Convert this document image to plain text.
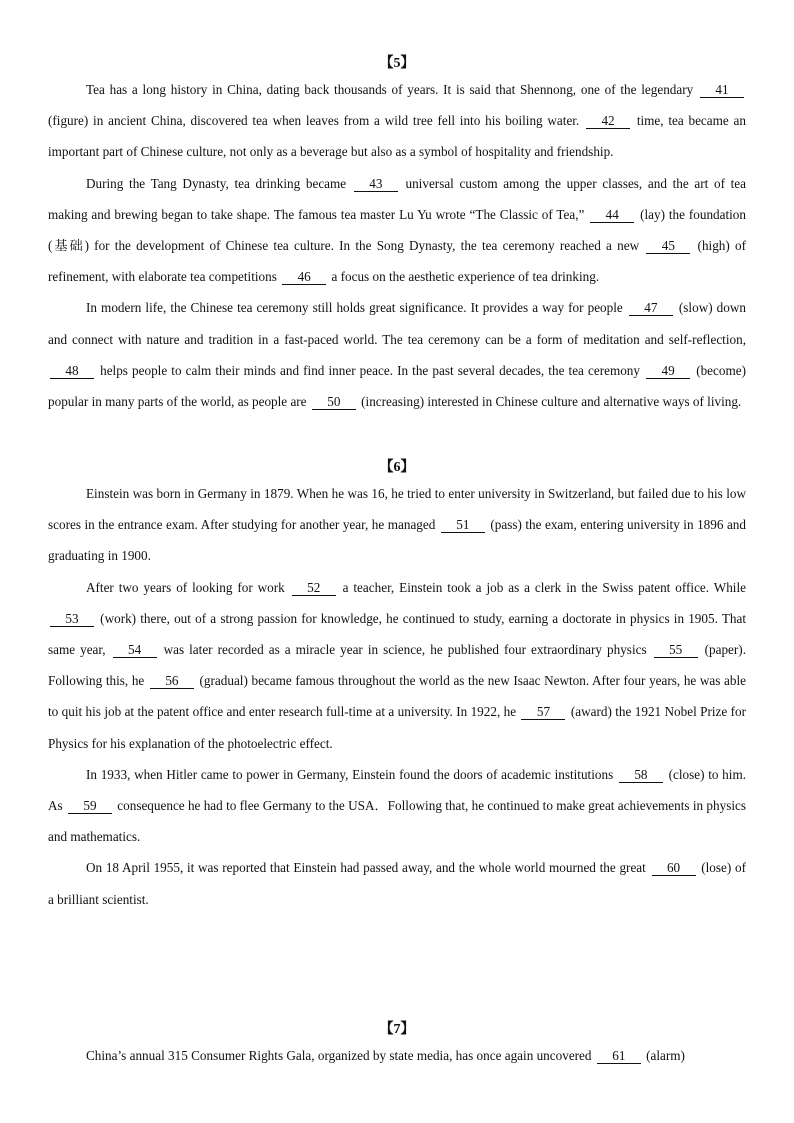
【5】

Tea has a long history in China, dating back thousands of years. It is said that Shennong, one of the legendary 41 (figure) in ancient China, discovered tea when leaves from a wild tree fell into his boiling water. 42 time, tea became an important part of Chinese culture, not only as a beverage but also as a symbol of hospitality and friendship.

During the Tang Dynasty, tea drinking became 43 universal custom among the upper classes, and the art of tea making and brewing began to take shape. The famous tea master Lu Yu wrote “The Classic of Tea,” 44 (lay) the foundation (基础) for the development of Chinese tea culture. In the Song Dynasty, the tea ceremony reached a new 45 (high) of refinement, with elaborate tea competitions 46 a focus on the aesthetic experience of tea drinking.

In modern life, the Chinese tea ceremony still holds great significance. It provides a way for people 47 (slow) down and connect with nature and tradition in a fast-paced world. The tea ceremony can be a form of meditation and self-reflection, 48 helps people to calm their minds and find inner peace. In the past several decades, the tea ceremony 49 (become) popular in many parts of the world, as people are 50 (increasing) interested in Chinese culture and alternative ways of living.

【6】

Einstein was born in Germany in 1879. When he was 16, he tried to enter university in Switzerland, but failed due to his low scores in the entrance exam. After studying for another year, he managed 51 (pass) the exam, entering university in 1896 and graduating in 1900.

After two years of looking for work 52 a teacher, Einstein took a job as a clerk in the Swiss patent office. While 53 (work) there, out of a strong passion for knowledge, he continued to study, earning a doctorate in physics in 1905. That same year, 54 was later recorded as a miracle year in science, he published four extraordinary physics 55 (paper). Following this, he 56 (gradual) became famous throughout the world as the new Isaac Newton. After four years, he was able to quit his job at the patent office and enter research full-time at a university. In 1922, he 57 (award) the 1921 Nobel Prize for Physics for his explanation of the photoelectric effect.

In 1933, when Hitler came to power in Germany, Einstein found the doors of academic institutions 58 (close) to him. As 59 consequence he had to flee Germany to the USA．Following that, he continued to make great achievements in physics and mathematics.

On 18 April 1955, it was reported that Einstein had passed away, and the whole world mourned the great 60 (lose) of a brilliant scientist.

【7】

China’s annual 315 Consumer Rights Gala, organized by state media, has once again uncovered 61 (alarm)
